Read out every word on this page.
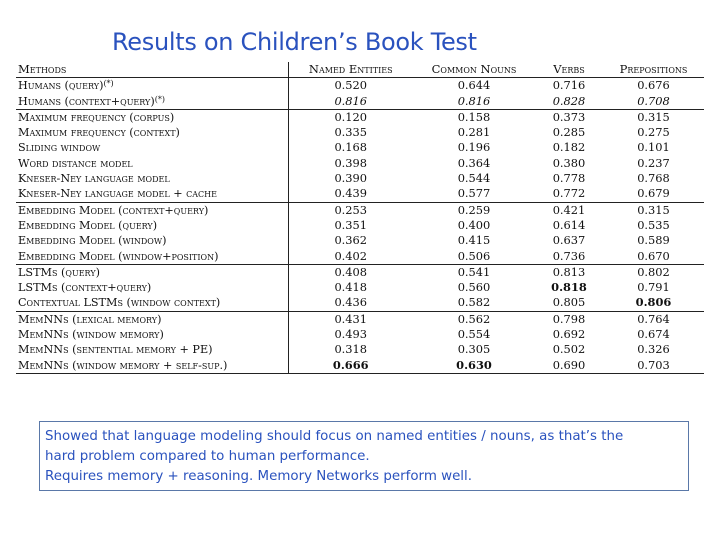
Results on Children’s Book Test
Methods	Named Entities	Common Nouns	Verbs	Prepositions
Humans (query)(*)	0.520	0.644	0.716	0.676
Humans (context+query)(*)	0.816	0.816	0.828	0.708
Maximum frequency (corpus)	0.120	0.158	0.373	0.315
Maximum frequency (context)	0.335	0.281	0.285	0.275
Sliding window	0.168	0.196	0.182	0.101
Word distance model	0.398	0.364	0.380	0.237
Kneser-Ney language model	0.390	0.544	0.778	0.768
Kneser-Ney language model + cache	0.439	0.577	0.772	0.679
Embedding Model (context+query)	0.253	0.259	0.421	0.315
Embedding Model (query)	0.351	0.400	0.614	0.535
Embedding Model (window)	0.362	0.415	0.637	0.589
Embedding Model (window+position)	0.402	0.506	0.736	0.670
LSTMs (query)	0.408	0.541	0.813	0.802
LSTMs (context+query)	0.418	0.560	0.818	0.791
Contextual LSTMs (window context)	0.436	0.582	0.805	0.806
MemNNs (lexical memory)	0.431	0.562	0.798	0.764
MemNNs (window memory)	0.493	0.554	0.692	0.674
MemNNs (sentential memory + PE)	0.318	0.305	0.502	0.326
MemNNs (window memory + self-sup.)	0.666	0.630	0.690	0.703
Showed that language modeling should focus on named entities / nouns, as that’s the
hard problem compared to human performance.
Requires memory + reasoning. Memory Networks perform well.
